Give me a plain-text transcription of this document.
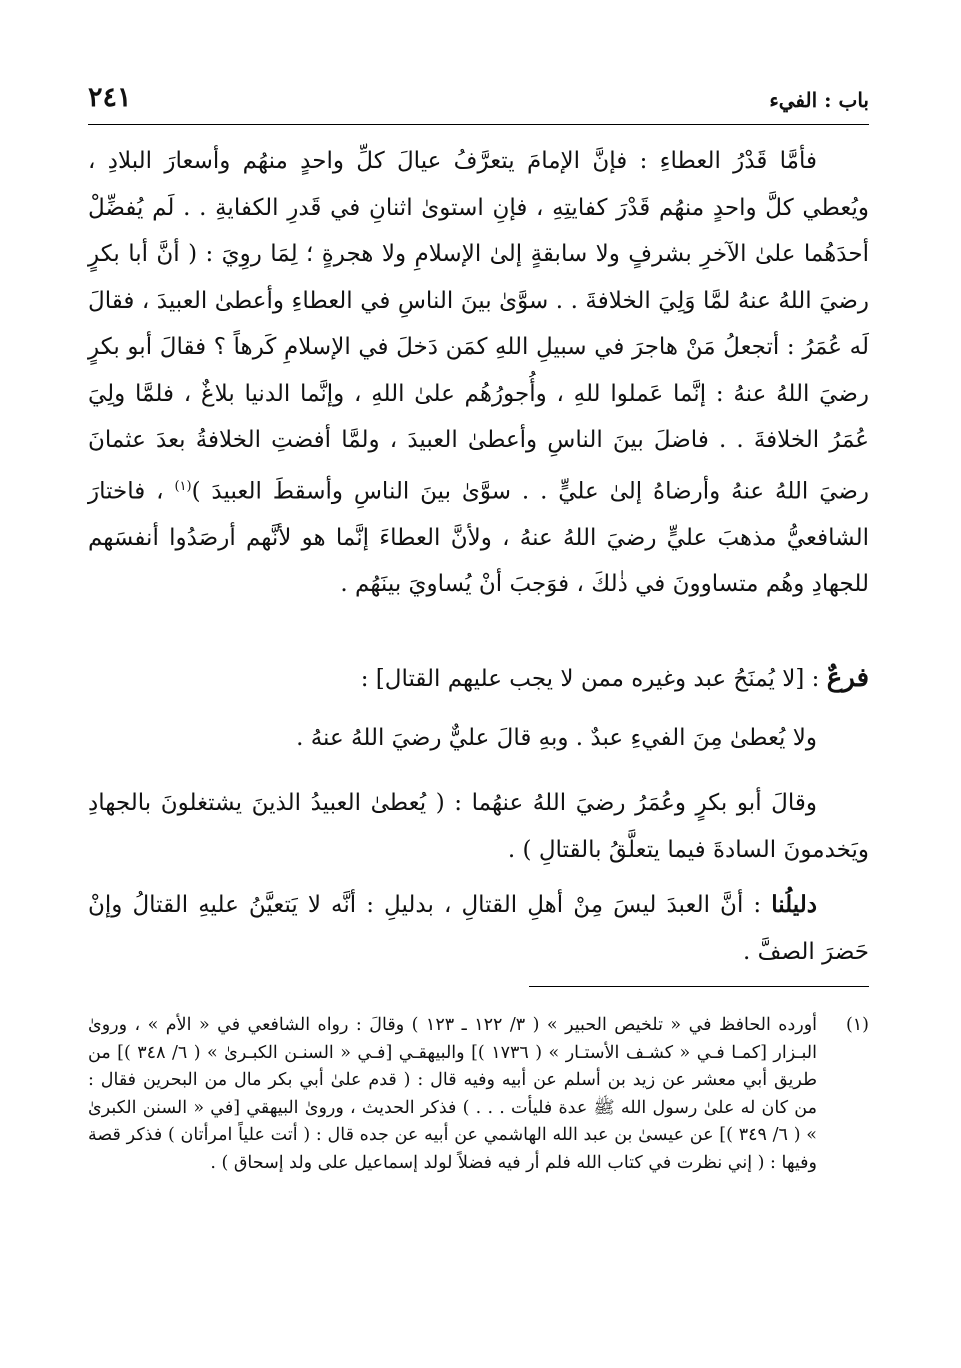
باب : الفيء
٢٤١

فأمَّا قَدْرُ العطاءِ : فإنَّ الإمامَ يتعرَّفُ عيالَ كلِّ واحدٍ منهُم وأسعارَ البلادِ ، ويُعطي كلَّ واحدٍ منهُم قَدْرَ كفايتِهِ ، فإنِ استوىٰ اثنانِ في قَدرِ الكفايةِ . . لَم يُفضِّلْ أحدَهُما علىٰ الآخرِ بشرفٍ ولا سابقةٍ إلىٰ الإسلامِ ولا هجرةٍ ؛ لِمَا روِيَ : ( أنَّ أبا بكرٍ رضيَ اللهُ عنهُ لمَّا وَلِيَ الخلافةَ . . سوَّىٰ بينَ الناسِ في العطاءِ وأعطىٰ العبيدَ ، فقالَ لَه عُمَرُ : أتجعلُ مَنْ هاجرَ في سبيلِ اللهِ كمَن دَخلَ في الإسلامِ كَرهاً ؟ فقالَ أبو بكرٍ رضيَ اللهُ عنهُ : إنَّما عَملوا للهِ ، وأُجورُهُم علىٰ اللهِ ، وإنَّما الدنيا بلاغٌ ، فلمَّا ولِيَ عُمَرُ الخلافةَ . . فاضلَ بينَ الناسِ وأعطىٰ العبيدَ ، ولمَّا أفضتِ الخلافةُ بعدَ عثمانَ رضيَ اللهُ عنهُ وأرضاهُ إلىٰ عليٍّ . . سوَّىٰ بينَ الناسِ وأسقطَ العبيدَ )$^{(١)}$ ، فاختارَ الشافعيُّ مذهبَ عليٍّ رضيَ اللهُ عنهُ ، ولأنَّ العطاءَ إنَّما هو لأنَّهم أرصَدُوا أنفسَهم للجهادِ وهُم متساوونَ في ذٰلكَ ، فوَجبَ أنْ يُساويَ بينَهُم .

فرعٌ : [لا يُمنَحُ عبد وغيره ممن لا يجب عليهم القتال] :

ولا يُعطىٰ مِنَ الفيءِ عبدٌ . وبهِ قالَ عليٌّ رضيَ اللهُ عنهُ .

وقالَ أبو بكرٍ وعُمَرُ رضيَ اللهُ عنهُما : ( يُعطىٰ العبيدُ الذينَ يشتغلونَ بالجهادِ ويَخدمونَ السادةَ فيما يتعلَّقُ بالقتالِ ) .

دليلُنا : أنَّ العبدَ ليسَ مِنْ أهلِ القتالِ ، بدليلِ : أنَّه لا يَتعيَّنُ عليهِ القتالُ وإنْ حَضرَ الصفَّ .

(١)

أورده الحافظ في « تلخيص الحبير » ( ٣/ ١٢٢ ـ ١٢٣ ) وقالَ : رواه الشافعي في « الأم » ، وروىٰ البـزار [كمـا فـي « كشـف الأستـار » ( ١٧٣٦ )] والبيهقـي [فـي « السنـن الكبـرىٰ » ( ٦/ ٣٤٨ )] من طريق أبي معشر عن زيد بن أسلم عن أبيه وفيه قال : ( قدم علىٰ أبي بكر مال من البحرين فقال : من كان له علىٰ رسول الله ﷺ عدة فليأت . . . ) فذكر الحديث ، وروىٰ البيهقي [في « السنن الكبرىٰ » ( ٦/ ٣٤٩ )] عن عيسىٰ بن عبد الله الهاشمي عن أبيه عن جده قال : ( أتت علياً امرأتان ) فذكر قصة وفيها : ( إني نظرت في كتاب الله فلم أر فيه فضلاً لولد إسماعيل على ولد إسحاق ) .
